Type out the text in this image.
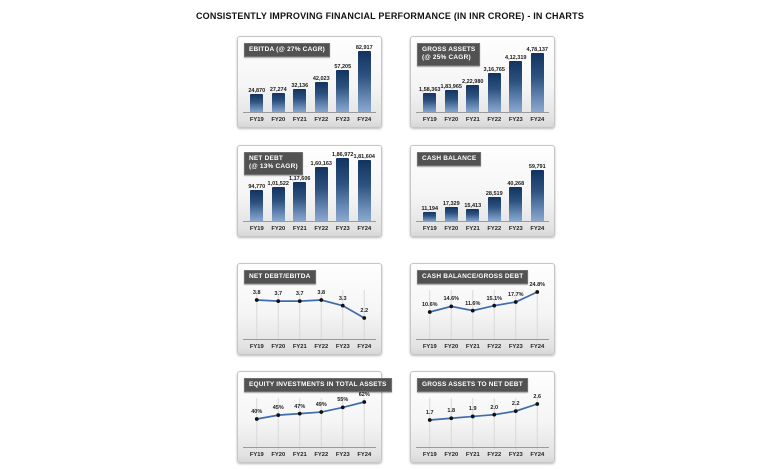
CONSISTENTLY IMPROVING FINANCIAL PERFORMANCE (IN INR CRORE) - IN CHARTS
EBITDA (@ 27% CAGR)
24,870 27,274
32,136
42,023
57,205
82,917
FY19	FY20	FY21	FY22	FY23	FY24
GROSS ASSETS
(@ 25% CAGR)
1,58,363
1,83,965
2,22,980
3,16,765
4,12,319
4,78,137
FY19	FY20	FY21	FY22	FY23	FY24
NET DEBT
(@ 13% CAGR)
94,770 1,01,522
1,17,606
1,60,163
1,86,972 1,81,604
FY19	FY20	FY21	FY22	FY23	FY24
CASH BALANCE
11,194
17,329 15,413
28,519
40,268
59,791
FY19	FY20	FY21	FY22	FY23	FY24
NET DEBT/EBITDA
3.8	3.7	3.7	3.8
3.3
2.2
FY19	FY20	FY21	FY22	FY23	FY24
CASH BALANCE/GROSS DEBT
10.6%
14.6%
11.6%
15.1%
17.7%
24.8%
FY19	FY20	FY21	FY22	FY23	FY24
EQUITY INVESTMENTS IN TOTAL ASSETS
40%
45%	47%	49%
55%
62%
FY19	FY20	FY21	FY22	FY23	FY24
GROSS ASSETS TO NET DEBT
1.7	1.8	1.9	2.0
2.2
2.6
FY19	FY20	FY21	FY22	FY23	FY24
